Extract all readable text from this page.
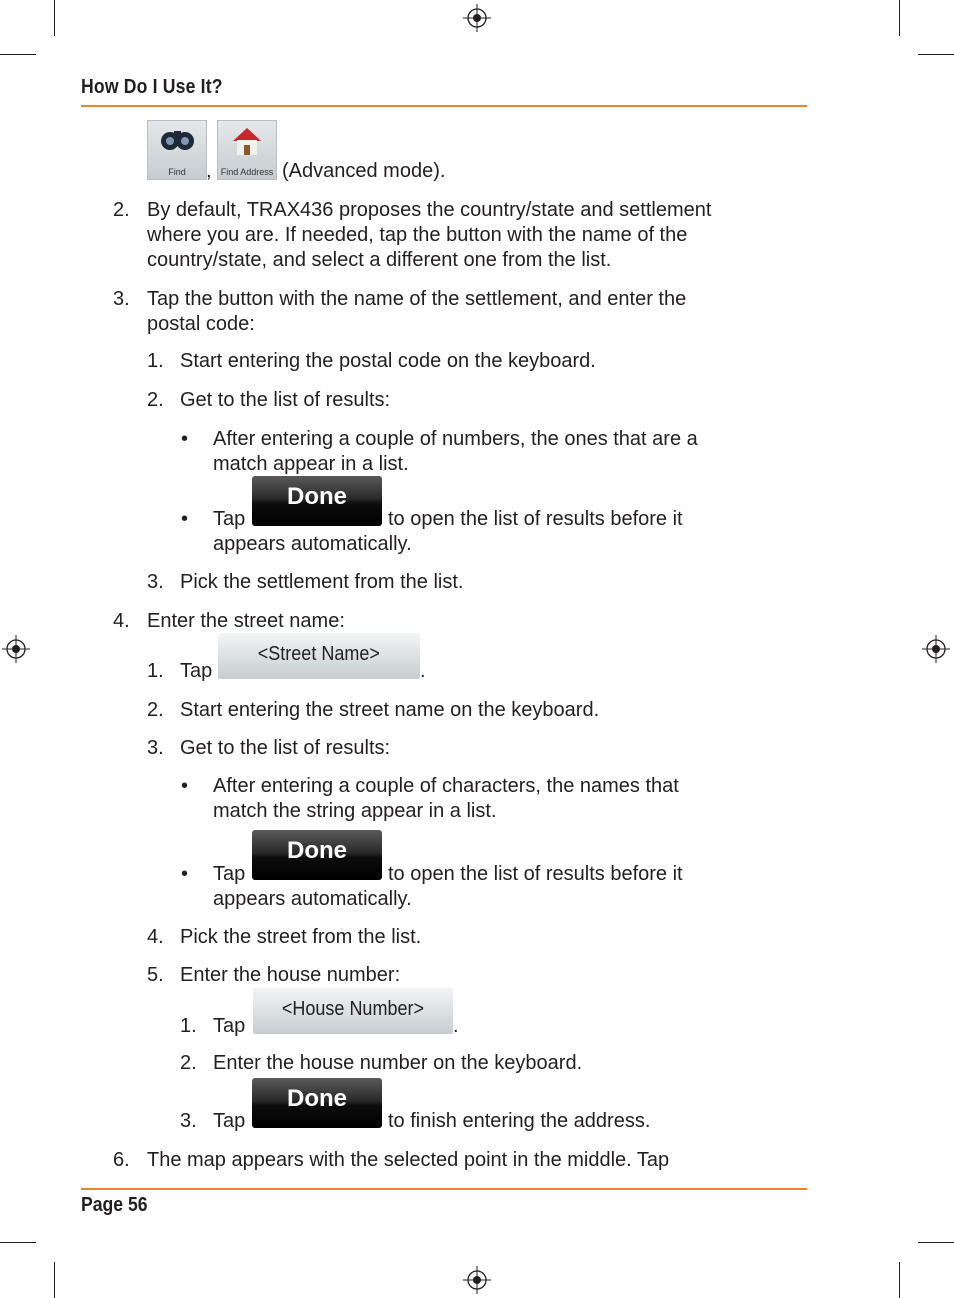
How Do I Use It?
Find	,	Find Address (Advanced mode).
2. By default, TRAX436 proposes the country/state and settlement
where you are. If needed, tap the button with the name of the
country/state, and select a different one from the list.
3. Tap the button with the name of the settlement, and enter the
postal code:
1. Start entering the postal code on the keyboard.
2. Get to the list of results:
• After entering a couple of numbers, the ones that are a
match appear in a list.
• Tap
Done
to open the list of results before it
appears automatically.
3. Pick the settlement from the list.
4. Enter the street name:
1. Tap
<Street Name>
.
2. Start entering the street name on the keyboard.
3. Get to the list of results:
• After entering a couple of characters, the names that
match the string appear in a list.
• Tap
Done
to open the list of results before it
appears automatically.
4. Pick the street from the list.
5. Enter the house number:
1. Tap
<House Number>
.
2. Enter the house number on the keyboard.
3. Tap
Done
to finish entering the address.
6. The map appears with the selected point in the middle. Tap
Page 56
